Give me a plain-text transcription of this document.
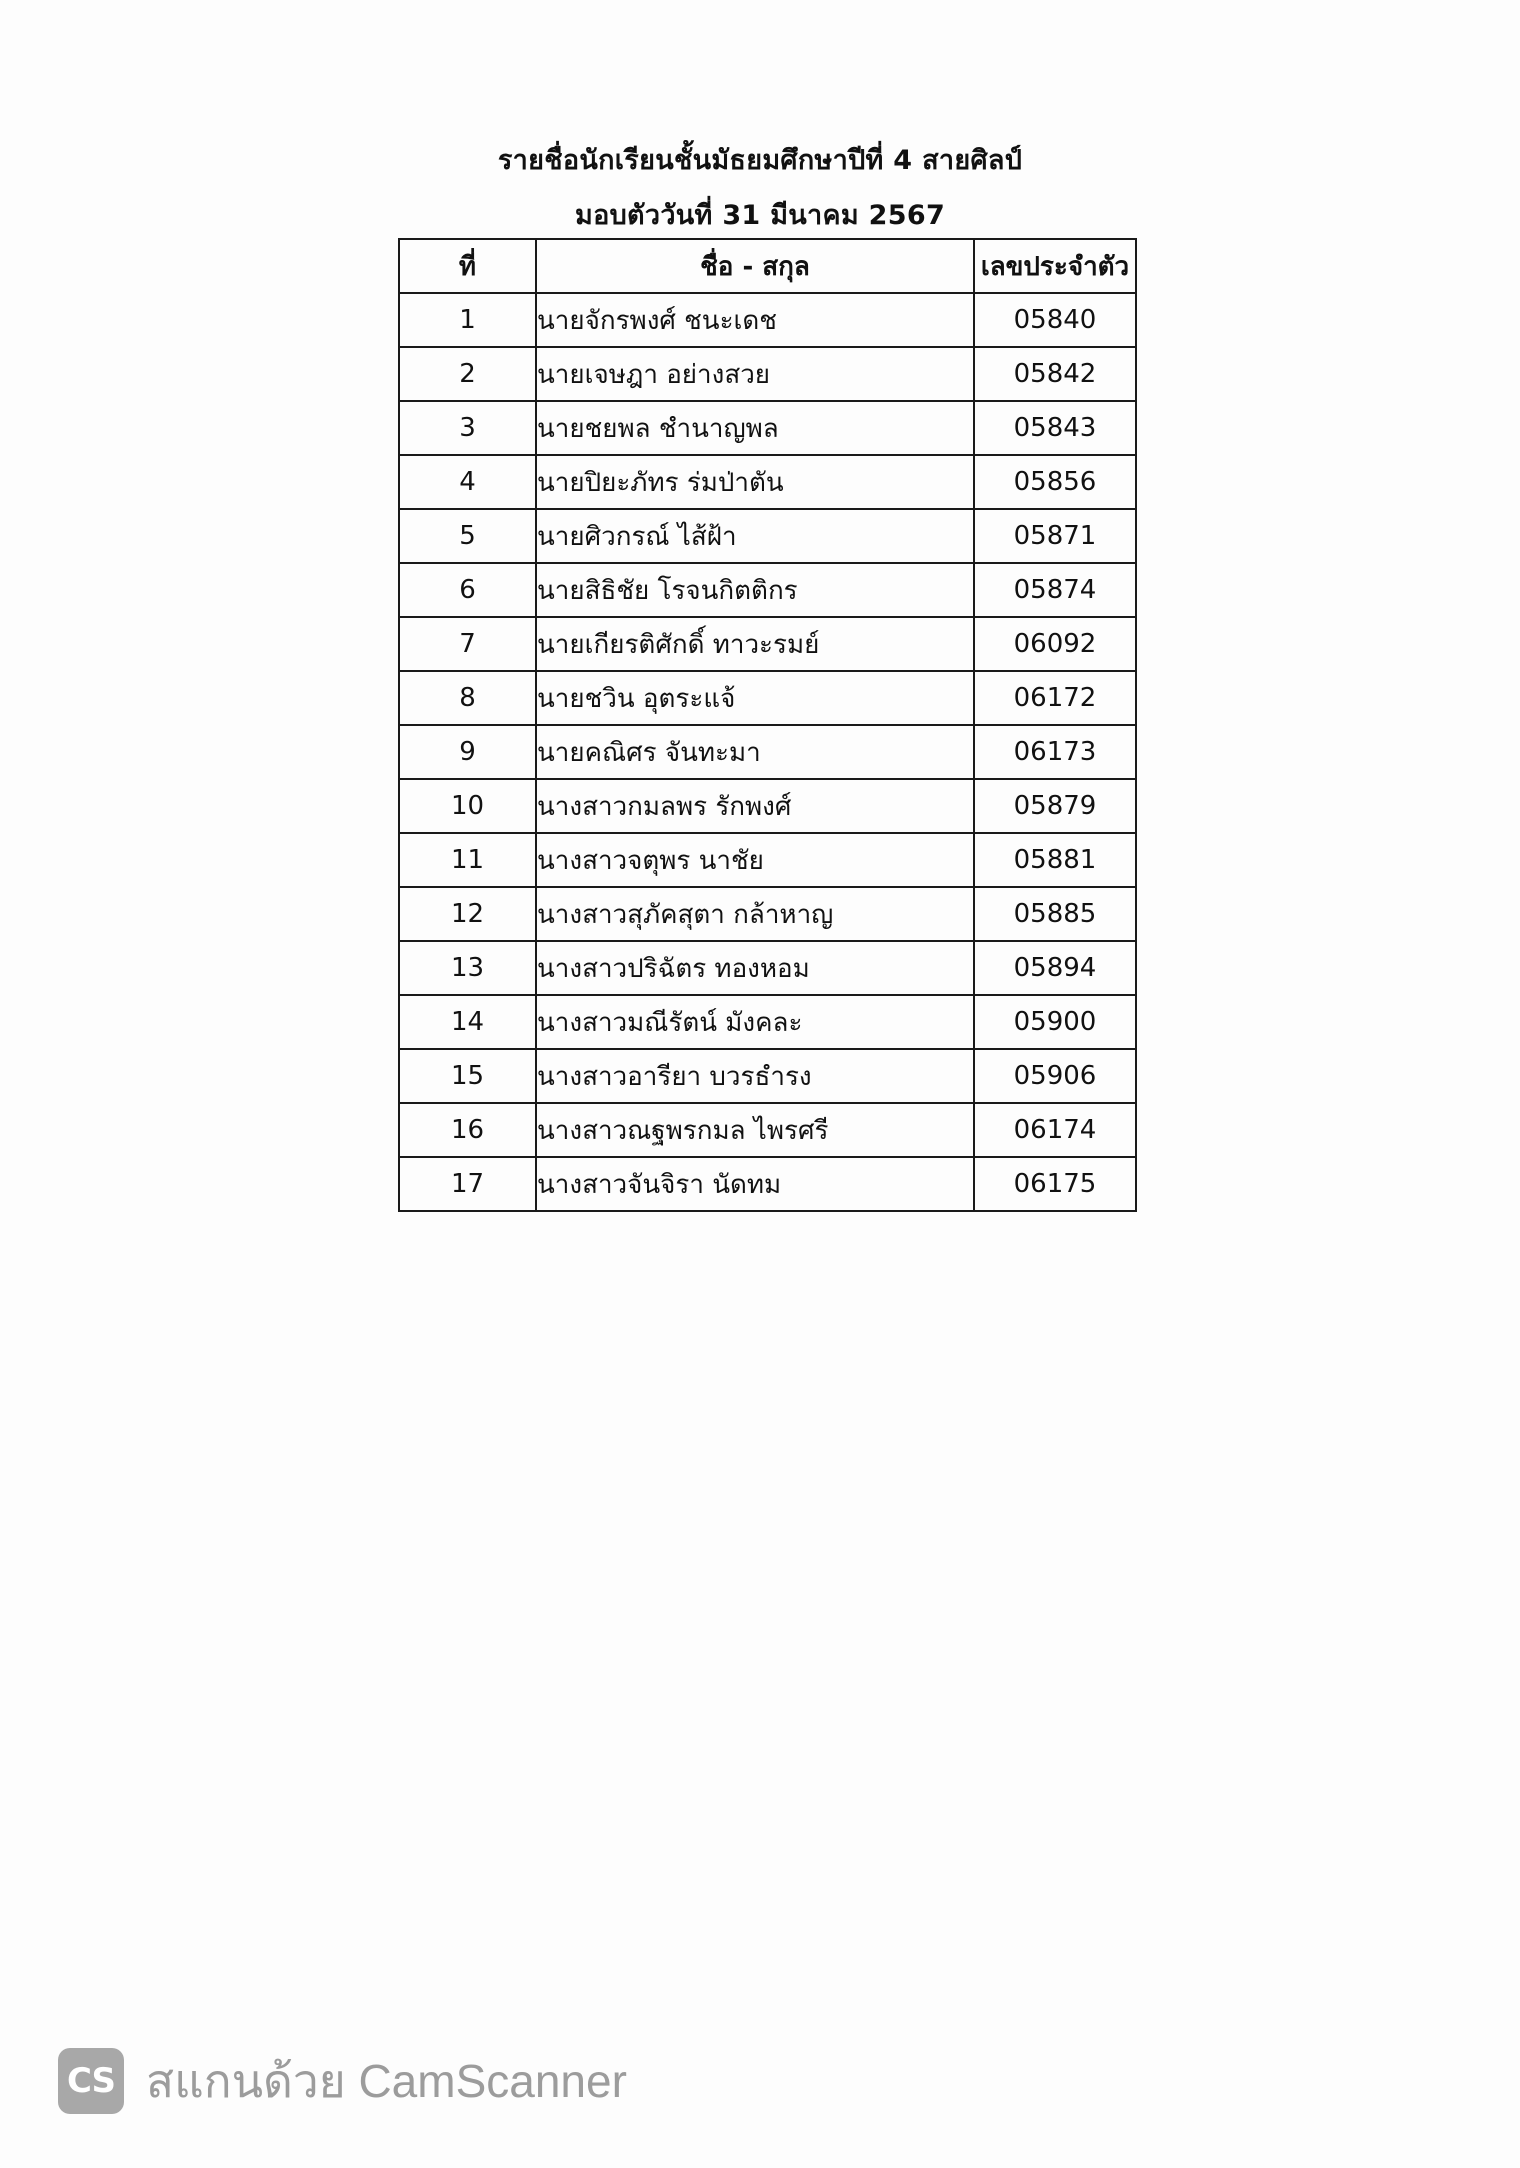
รายชื่อนักเรียนชั้นมัธยมศึกษาปีที่ 4 สายศิลป์
มอบตัววันที่ 31 มีนาคม 2567
ที่	ชื่อ - สกุล	เลขประจำตัว
1	นายจักรพงศ์ ชนะเดช	05840
2	นายเจษฎา อย่างสวย	05842
3	นายชยพล ชำนาญพล	05843
4	นายปิยะภัทร ร่มป่าตัน	05856
5	นายศิวกรณ์ ไส้ฝ้า	05871
6	นายสิธิชัย โรจนกิตติกร	05874
7	นายเกียรติศักดิ์ ทาวะรมย์	06092
8	นายชวิน อุตระแจ้	06172
9	นายคณิศร จันทะมา	06173
10	นางสาวกมลพร รักพงศ์	05879
11	นางสาวจตุพร นาชัย	05881
12	นางสาวสุภัคสุตา กล้าหาญ	05885
13	นางสาวปริฉัตร ทองหอม	05894
14	นางสาวมณีรัตน์ มังคละ	05900
15	นางสาวอารียา บวรธำรง	05906
16	นางสาวณฐพรกมล ไพรศรี	06174
17	นางสาวจันจิรา นัดทม	06175
CS สแกนด้วย CamScanner
